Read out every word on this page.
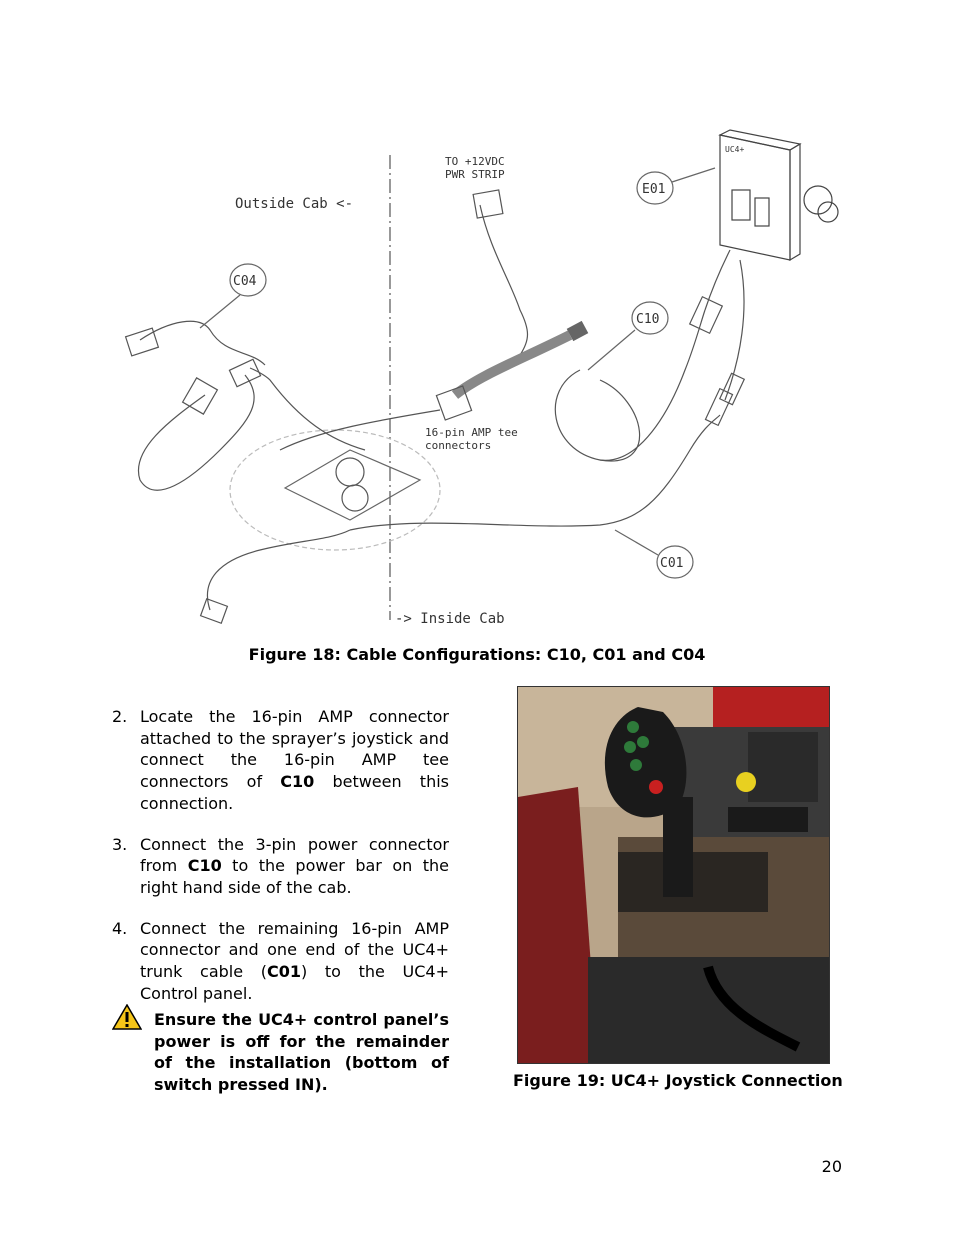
Outside Cab <-
-> Inside Cab
TO +12VDC
PWR STRIP
16-pin AMP tee
connectors
E01
C04
C10
C01
UC4+
Figure 18: Cable Configurations: C10, C01 and C04
2. Locate the 16-pin AMP connector attached to the sprayer’s joystick and connect the 16-pin AMP tee connectors of C10 between this connection.
3. Connect the 3-pin power connector from C10 to the power bar on the right hand side of the cab.
4. Connect the remaining 16-pin AMP connector and one end of the UC4+ trunk cable (C01) to the UC4+ Control panel.
Ensure the UC4+ control panel’s power is off for the remainder of the installation (bottom of switch pressed IN).	Figure 19: UC4+ Joystick Connection
20
